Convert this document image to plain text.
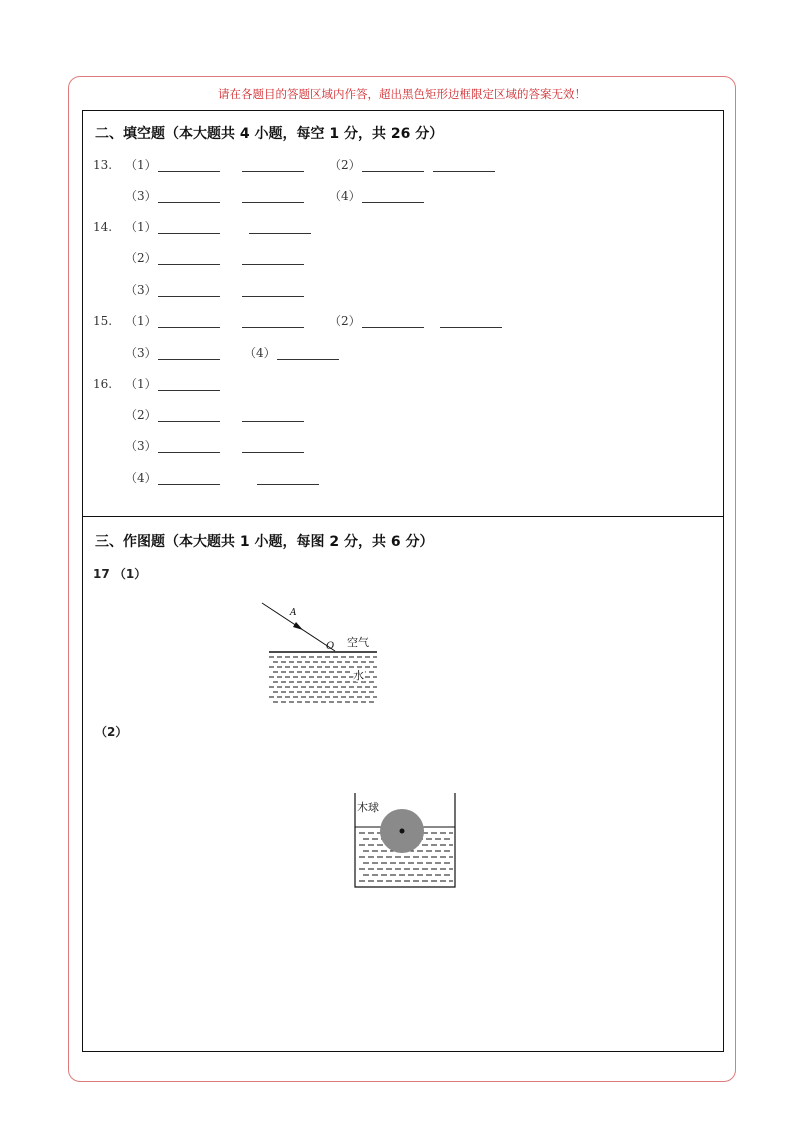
请在各题目的答题区域内作答，超出黑色矩形边框限定区域的答案无效！
二、填空题（本大题共 4 小题，每空 1 分，共 26 分）
13. （1）	（2）
（3）	（4）
14. （1）
（2）
（3）
15. （1）	（2）
（3）	（4）
16. （1）
（2）
（3）
（4）
三、作图题（本大题共 1 小题，每图 2 分，共 6 分）
17 （1）
A
O 空气
水
（2）
木球
